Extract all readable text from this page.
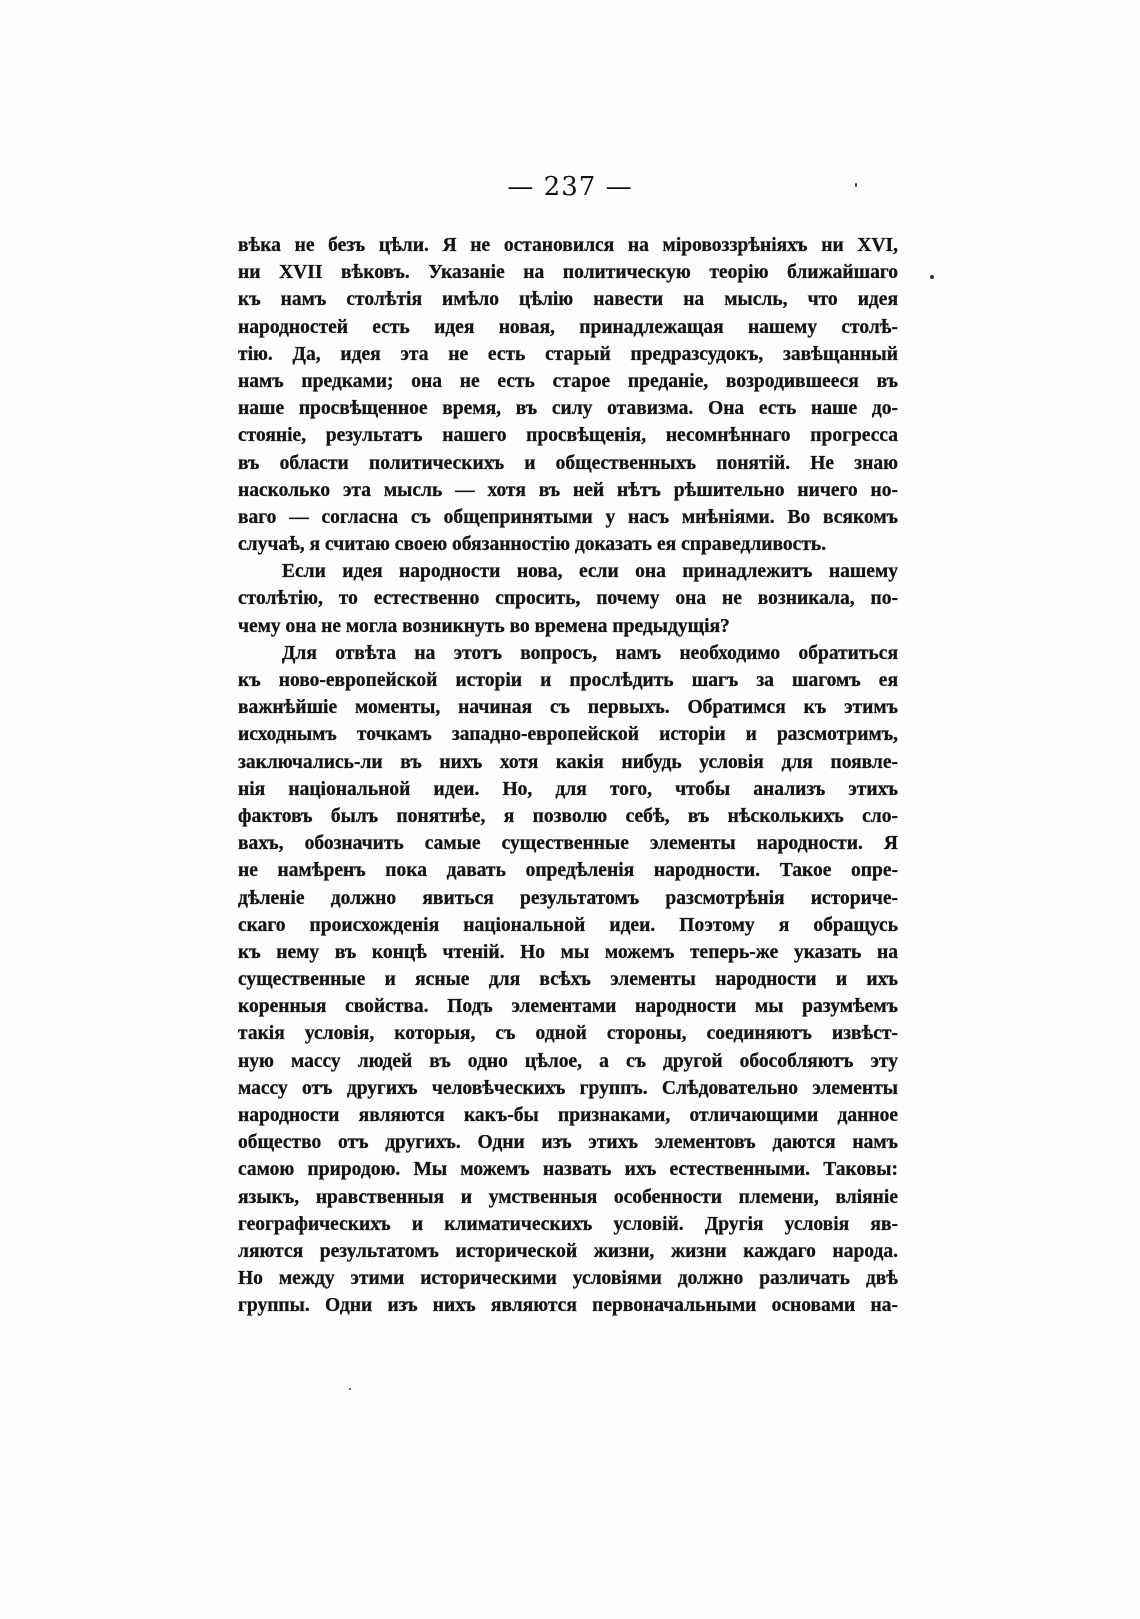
— 237 —
вѣка не безъ цѣли. Я не остановился на міровоззрѣніяхъ ни XVI,
ни XVII вѣковъ. Указаніе на политическую теорію ближайшаго
къ намъ столѣтія имѣло цѣлію навести на мысль, что идея
народностей есть идея новая, принадлежащая нашему столѣ-
тію. Да, идея эта не есть старый предразсудокъ, завѣщанный
намъ предками; она не есть старое преданіе, возродившееся въ
наше просвѣщенное время, въ силу отавизма. Она есть наше до-
стояніе, результатъ нашего просвѣщенія, несомнѣннаго прогресса
въ области политическихъ и общественныхъ понятій. Не знаю
насколько эта мысль — хотя въ ней нѣтъ рѣшительно ничего но-
ваго — согласна съ общепринятыми у насъ мнѣніями. Во всякомъ
случаѣ, я считаю своею обязанностію доказать ея справедливость.
Если идея народности нова, если она принадлежитъ нашему
столѣтію, то естественно спросить, почему она не возникала, по-
чему она не могла возникнуть во времена предыдущія?
Для отвѣта на этотъ вопросъ, намъ необходимо обратиться
къ ново-европейской исторіи и прослѣдить шагъ за шагомъ ея
важнѣйшіе моменты, начиная съ первыхъ. Обратимся къ этимъ
исходнымъ точкамъ западно-европейской исторіи и разсмотримъ,
заключались-ли въ нихъ хотя какія нибудь условія для появле-
нія національной идеи. Но, для того, чтобы анализъ этихъ
фактовъ былъ понятнѣе, я позволю себѣ, въ нѣсколькихъ сло-
вахъ, обозначить самые существенные элементы народности. Я
не намѣренъ пока давать опредѣленія народности. Такое опре-
дѣленіе должно явиться результатомъ разсмотрѣнія историче-
скаго происхожденія національной идеи. Поэтому я обращусь
къ нему въ концѣ чтеній. Но мы можемъ теперь-же указать на
существенные и ясные для всѣхъ элементы народности и ихъ
коренныя свойства. Подъ элементами народности мы разумѣемъ
такія условія, которыя, съ одной стороны, соединяютъ извѣст-
ную массу людей въ одно цѣлое, а съ другой обособляютъ эту
массу отъ другихъ человѣческихъ группъ. Слѣдовательно элементы
народности являются какъ-бы признаками, отличающими данное
общество отъ другихъ. Одни изъ этихъ элементовъ даются намъ
самою природою. Мы можемъ назвать ихъ естественными. Таковы:
языкъ, нравственныя и умственныя особенности племени, вліяніе
географическихъ и климатическихъ условій. Другія условія яв-
ляются результатомъ исторической жизни, жизни каждаго народа.
Но между этими историческими условіями должно различать двѣ
группы. Одни изъ нихъ являются первоначальными основами на-
